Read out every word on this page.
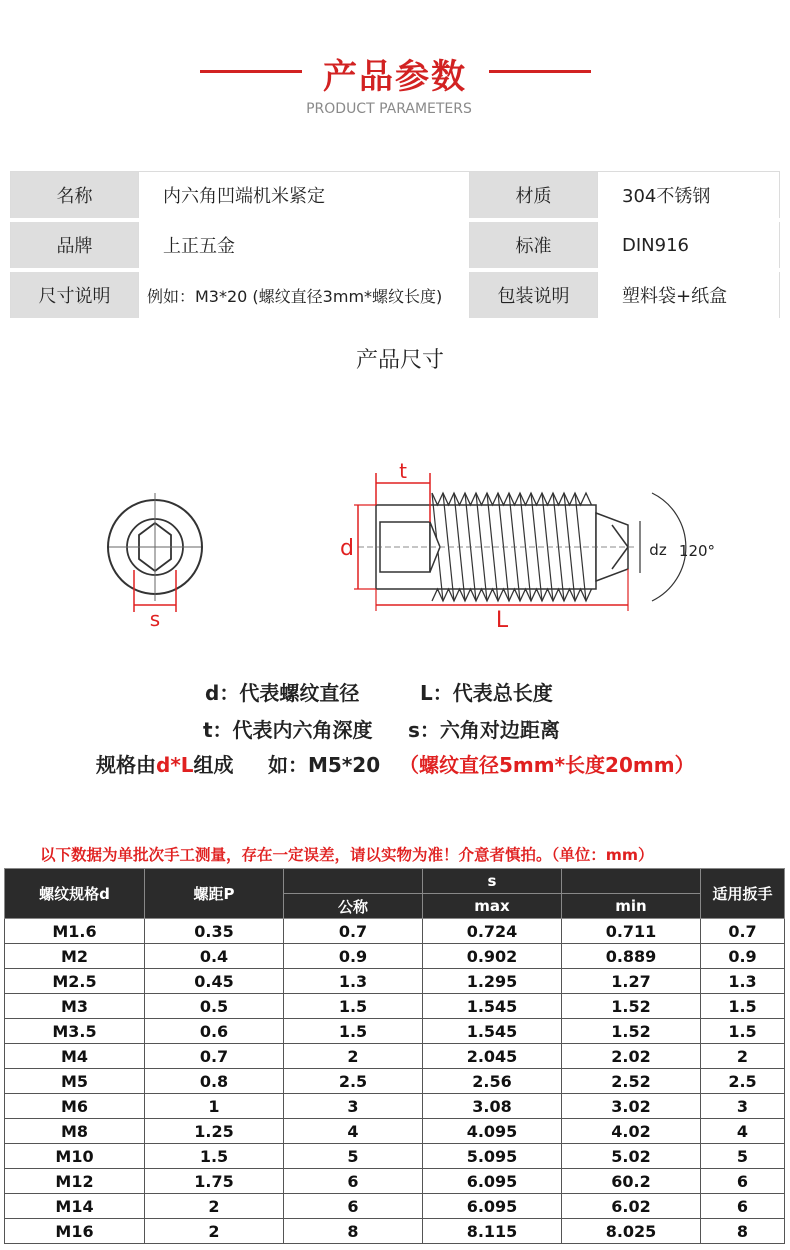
产品参数
PRODUCT PARAMETERS
名称	内六角凹端机米紧定	材质	304不锈钢
品牌	上正五金	标准	DIN916
尺寸说明	例如：M3*20 (螺纹直径3mm*螺纹长度)	包装说明	塑料袋+纸盒
产品尺寸
s
t
d
L
dz 120°
d：代表螺纹直径	L：代表总长度
t：代表内六角深度 s：六角对边距离
规格由d*L组成 如：M5*20 （螺纹直径5mm*长度20mm）
以下数据为单批次手工测量，存在一定误差，请以实物为准！介意者慎拍。（单位：mm）
螺纹规格d	螺距P		s		适用扳手
		公称	max	min	
M1.6	0.35	0.7	0.724	0.711	0.7
M2	0.4	0.9	0.902	0.889	0.9
M2.5	0.45	1.3	1.295	1.27	1.3
M3	0.5	1.5	1.545	1.52	1.5
M3.5	0.6	1.5	1.545	1.52	1.5
M4	0.7	2	2.045	2.02	2
M5	0.8	2.5	2.56	2.52	2.5
M6	1	3	3.08	3.02	3
M8	1.25	4	4.095	4.02	4
M10	1.5	5	5.095	5.02	5
M12	1.75	6	6.095	60.2	6
M14	2	6	6.095	6.02	6
M16	2	8	8.115	8.025	8
